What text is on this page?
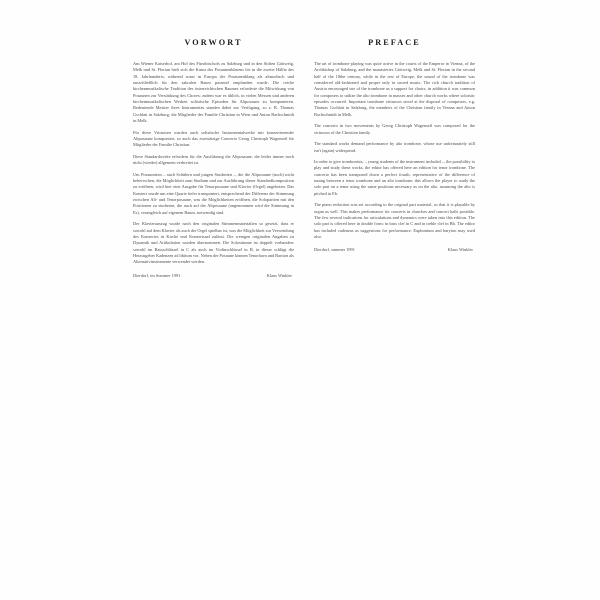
VORWORT

Am Wiener Kaiserhof, am Hof des Fürstbischofs zu Salzburg und in den Stiften Göttweig, Melk und St. Florian hielt sich die Kunst des Posaunenblasens bis in die zweite Hälfte des 18. Jahrhunderts, während sonst in Europa der Posaunenklang als altmodisch und ausschließlich für den sakralen Raum passend empfunden wurde. Die reiche kirchenmusikalische Tradition des österreichischen Raumes erforderte die Mitwirkung von Posaunen zur Verstärkung des Chores; zudem war es üblich, in vielen Messen und anderen kirchenmusikalischen Werken solistische Episoden für Altposaune zu komponieren. Bedeutende Meister ihres Instrumentes standen dabei zur Verfügung, so z. B. Thomas Gschlatt in Salzburg, die Mitglieder der Familie Christian in Wien und Anton Bachschmidt in Melk.

Für diese Virtuosen wurden auch solistische Instrumentalwerke mit konzertierender Altposaune komponiert, so auch das zweisätzige Concerto Georg Christoph Wagenseil für Mitglieder der Familie Christian.

Diese Standardwerke erfordern für die Ausführung die Altposaune, die leider immer noch nicht (wieder) allgemein verbreitet ist.

Um Posaunisten – auch Schülern und jungen Studenten –, die die Altposaune (noch) nicht beherrschen, die Möglichkeit zum Studium und zur Ausführung dieser Standardkomposition zu eröffnen, wird hier eine Ausgabe für Tenorposaune und Klavier (Orgel) angeboten. Das Konzert wurde um eine Quarte tiefer transponiert, entsprechend der Differenz der Stimmung zwischen Alt- und Tenorposaune, was die Möglichkeiten eröffnen, die Solopartien mit den Positionen zu studieren, die auch auf der Altposaune (angenommen wird die Stimmung in Es), verangleich auf eigenem Raum, notwendig sind.

Der Klavierauszug wurde nach den originalen Stimmenmaterialien so gesetzt, dass er sowohl auf dem Klavier als auch der Orgel spielbar ist, was die Möglichkeit zur Verwendung des Konzertes in Kirche und Konzertsaal zulässt. Die wenigen originalen Angaben zu Dynamik und Artikulation wurden übernommen. Die Solostimme ist doppelt vorhanden: sowohl im Bassschlüssel in C als auch im Violinschlüssel in B, in dieser schlägt die Herausgeber Kadenzen ad libitum vor. Neben der Posaune können Tenorhorn und Bariton als Alternativinstrumente verwendet werden.

Dierdorf, im Sommer 1991	Klaus Winkler
PREFACE

The art of trombone playing was quite active in the courts of the Emperor in Vienna, of the Archbishop of Salzburg, and the monasteries Göttweig, Melk and St. Florian in the second half of the 18the century, while in the rest of Europe, the sound of the trombone was considered old-fashioned and proper only in sacred music. The rich church tradition of Austria encouraged use of the trombone as a support for choirs; in addition it was common for composers to utilize the alto trombone in masses and other church works where soloistic episodes occurred. Important trombone virtuosos stood at the disposal of composers, e.g. Thomas Gschlatt in Salzburg, the members of the Christian family in Vienna and Anton Bachschmidt in Melk.

The concerto in two movements by Georg Christoph Wagenseil was composed for the virtuosos of the Christian family.

The standard works demand performance by alto trombone, whose use unfortunately still isn't (again) widespread.

In order to give trombonists, – young students of the instrument included –, the possibility to play and study these works, the editor has offered here an edition for tenor trombone. The concerto has been transposed down a perfect fourth, representative of the difference of tuning between a tenor trombone and an alto trombone; this allows the player to study the solo part on a tenor using the same positions necessary as on the alto, assuming the alto is pitched in Eb.

The piano reduction was set according to the original part material, so that it is playable by organ as well. This makes performance for concerts in churches and concert halls possible. The few several indications for articulations and dynamics were taken into this edition. The solo part is offered here in double form: in bass clef in C and in treble clef in Bb. The editor has included cadenzas as suggestions for performance. Euphonium and baryton may used also.

Dierdorf, summer 1991	Klaus Winkler
